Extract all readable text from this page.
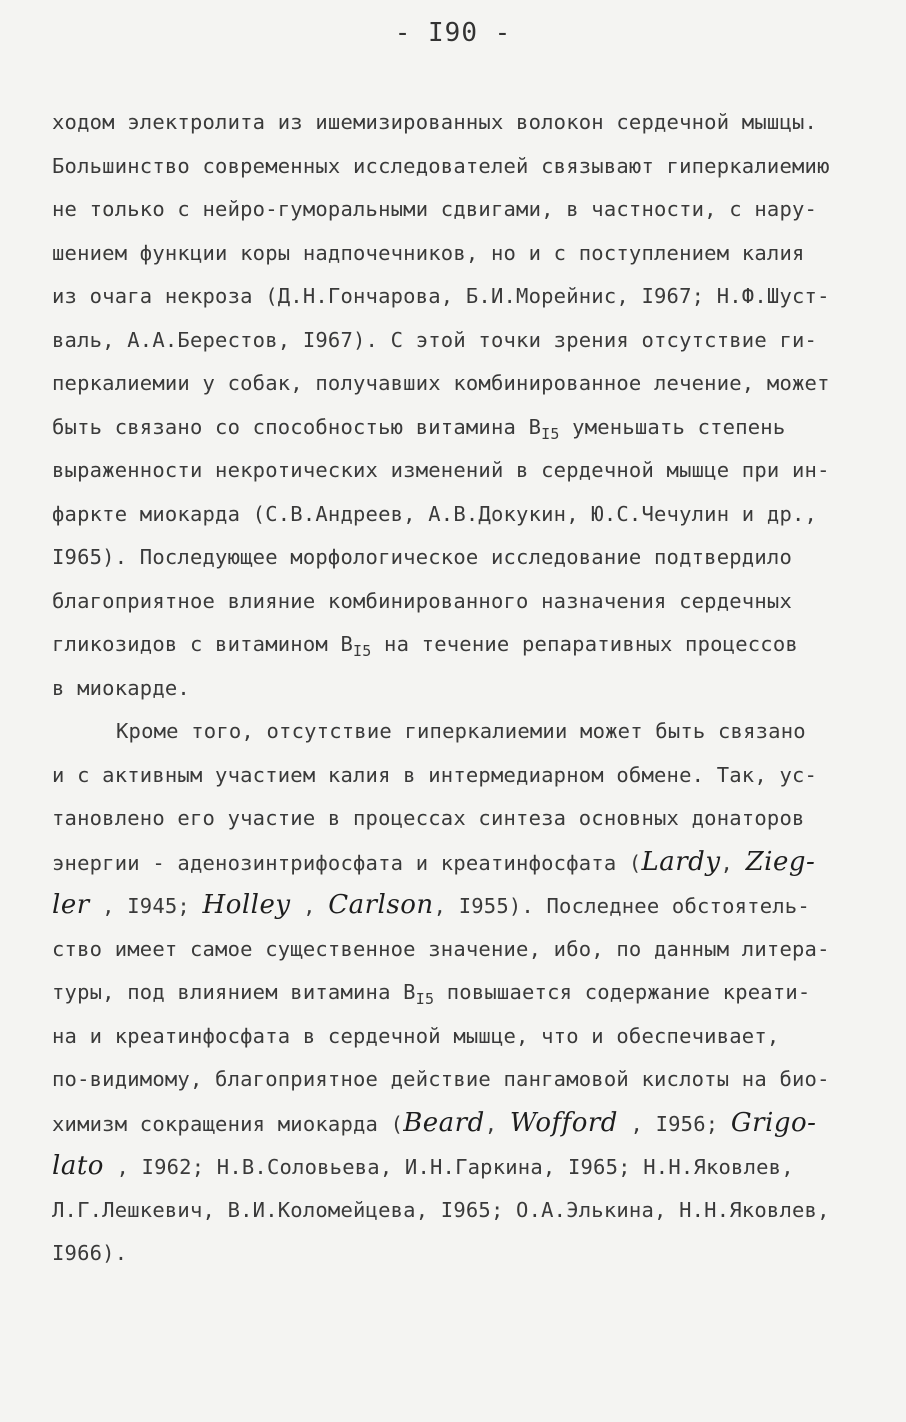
- I90 -
ходом электролита из ишемизированных волокон сердечной мышцы.
Большинство современных исследователей связывают гиперкалиемию
не только с нейро-гуморальными сдвигами, в частности, с нару-
шением функции коры надпочечников, но и с поступлением калия
из очага некроза (Д.Н.Гончарова, Б.И.Морейнис, I967; Н.Ф.Шуст-
валь, А.А.Берестов, I967). С этой точки зрения отсутствие ги-
перкалиемии у собак, получавших комбинированное лечение, может
быть связано со способностью витамина $B_{I5}$ уменьшать степень
выраженности некротических изменений в сердечной мышце при ин-
фаркте миокарда (С.В.Андреев, А.В.Докукин, Ю.С.Чечулин и др.,
I965). Последующее морфологическое исследование подтвердило
благоприятное влияние комбинированного назначения сердечных
гликозидов с витамином $B_{I5}$ на течение репаративных процессов
в миокарде.
Кроме того, отсутствие гиперкалиемии может быть связано
и с активным участием калия в интермедиарном обмене. Так, ус-
тановлено его участие в процессах синтеза основных донаторов
энергии - аденозинтрифосфата и креатинфосфата (Lardy, Zieg-
ler , I945; Holley , Carlson, I955). Последнее обстоятель-
ство имеет самое существенное значение, ибо, по данным литера-
туры, под влиянием витамина $B_{I5}$ повышается содержание креати-
на и креатинфосфата в сердечной мышце, что и обеспечивает,
по-видимому, благоприятное действие пангамовой кислоты на био-
химизм сокращения миокарда (Beard, Wofford , I956; Grigo-
lato , I962; Н.В.Соловьева, И.Н.Гаркина, I965; Н.Н.Яковлев,
Л.Г.Лешкевич, В.И.Коломейцева, I965; О.А.Элькина, Н.Н.Яковлев,
I966).
